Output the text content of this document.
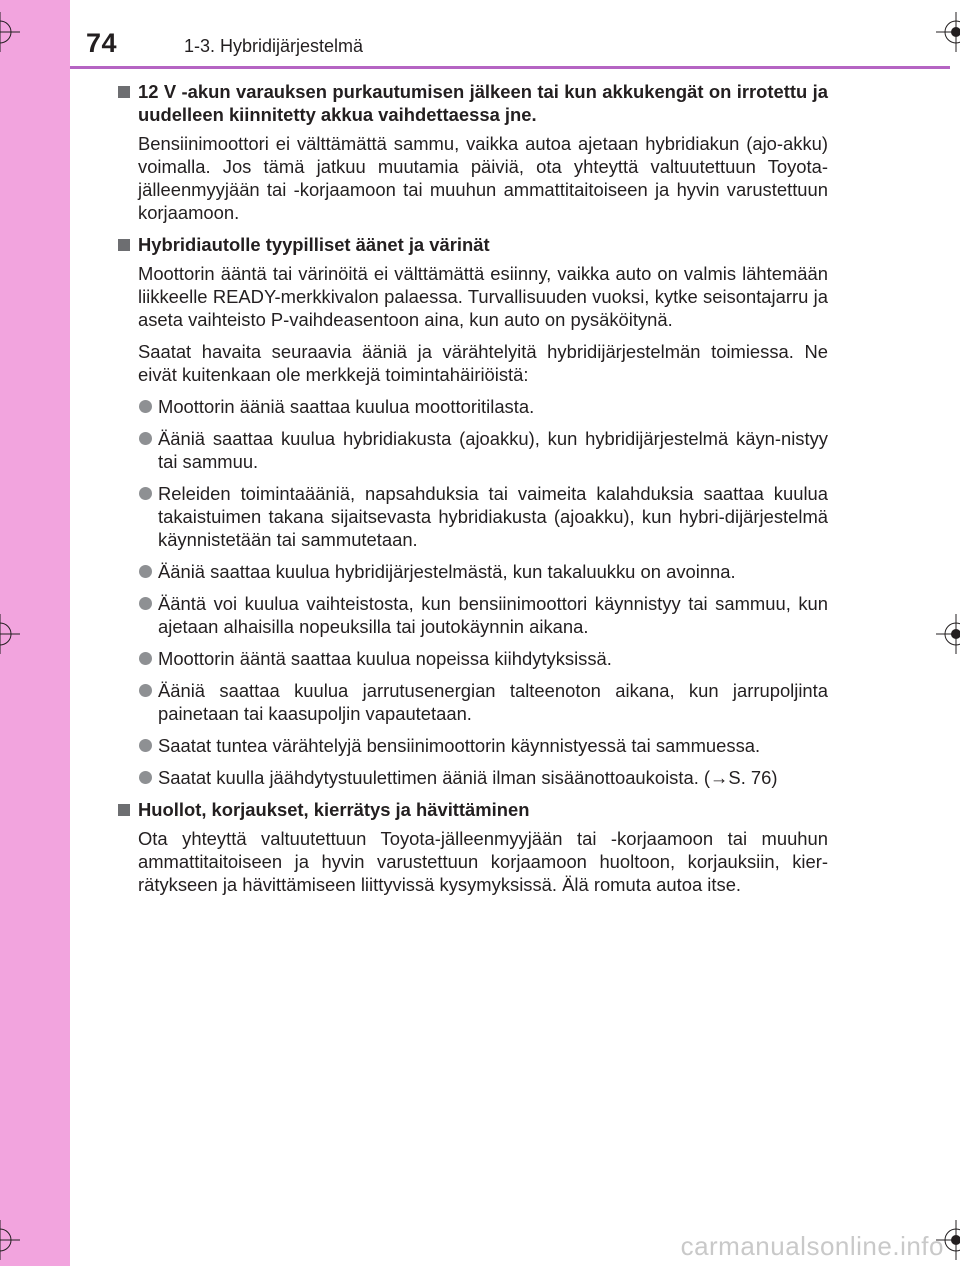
74	1-3. Hybridijärjestelmä
12 V -akun varauksen purkautumisen jälkeen tai kun akkukengät on irrotettu ja uudelleen kiinnitetty akkua vaihdettaessa jne.
Bensiinimoottori ei välttämättä sammu, vaikka autoa ajetaan hybridiakun (ajo-akku) voimalla. Jos tämä jatkuu muutamia päiviä, ota yhteyttä valtuutettuun Toyota-jälleenmyyjään tai -korjaamoon tai muuhun ammattitaitoiseen ja hyvin varustettuun korjaamoon.
Hybridiautolle tyypilliset äänet ja värinät
Moottorin ääntä tai värinöitä ei välttämättä esiinny, vaikka auto on valmis lähtemään liikkeelle READY-merkkivalon palaessa. Turvallisuuden vuoksi, kytke seisontajarru ja aseta vaihteisto P-vaihdeasentoon aina, kun auto on pysäköitynä.
Saatat havaita seuraavia ääniä ja värähtelyitä hybridijärjestelmän toimiessa. Ne eivät kuitenkaan ole merkkejä toimintahäiriöistä:
Moottorin ääniä saattaa kuulua moottoritilasta.
Ääniä saattaa kuulua hybridiakusta (ajoakku), kun hybridijärjestelmä käyn-nistyy tai sammuu.
Releiden toimintaääniä, napsahduksia tai vaimeita kalahduksia saattaa kuulua takaistuimen takana sijaitsevasta hybridiakusta (ajoakku), kun hybri-dijärjestelmä käynnistetään tai sammutetaan.
Ääniä saattaa kuulua hybridijärjestelmästä, kun takaluukku on avoinna.
Ääntä voi kuulua vaihteistosta, kun bensiinimoottori käynnistyy tai sammuu, kun ajetaan alhaisilla nopeuksilla tai joutokäynnin aikana.
Moottorin ääntä saattaa kuulua nopeissa kiihdytyksissä.
Ääniä saattaa kuulua jarrutusenergian talteenoton aikana, kun jarrupoljinta painetaan tai kaasupoljin vapautetaan.
Saatat tuntea värähtelyjä bensiinimoottorin käynnistyessä tai sammuessa.
Saatat kuulla jäähdytystuulettimen ääniä ilman sisäänottoaukoista. (→S. 76)
Huollot, korjaukset, kierrätys ja hävittäminen
Ota yhteyttä valtuutettuun Toyota-jälleenmyyjään tai -korjaamoon tai muuhun ammattitaitoiseen ja hyvin varustettuun korjaamoon huoltoon, korjauksiin, kier-rätykseen ja hävittämiseen liittyvissä kysymyksissä. Älä romuta autoa itse.
carmanualsonline.info
